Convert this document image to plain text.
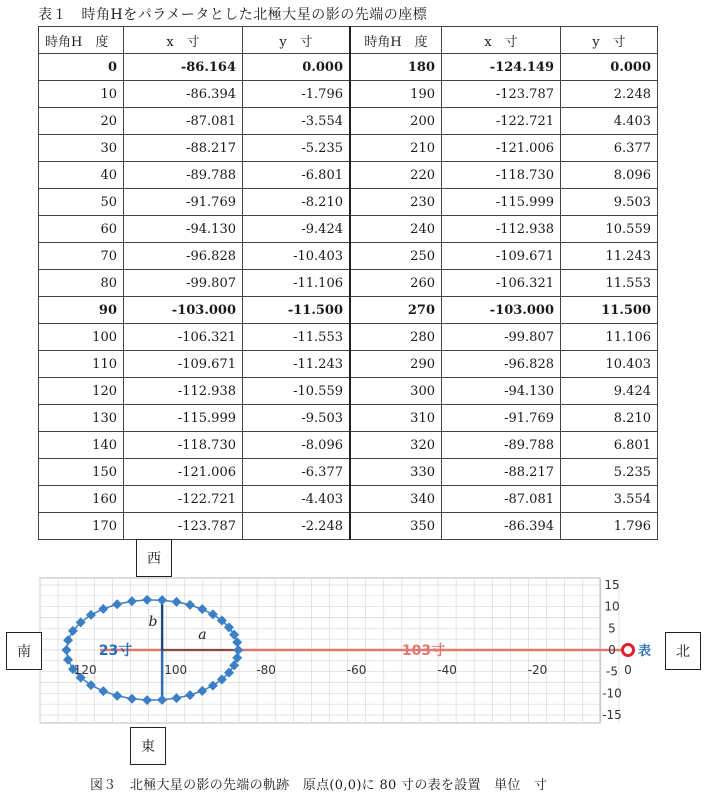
表１　時角Hをパラメータとした北極大星の影の先端の座標
時角H　度	x　寸	y　寸	時角H　度	x　寸	y　寸
0	-86.164	0.000	180	-124.149	0.000
10	-86.394	-1.796	190	-123.787	2.248
20	-87.081	-3.554	200	-122.721	4.403
30	-88.217	-5.235	210	-121.006	6.377
40	-89.788	-6.801	220	-118.730	8.096
50	-91.769	-8.210	230	-115.999	9.503
60	-94.130	-9.424	240	-112.938	10.559
70	-96.828	-10.403	250	-109.671	11.243
80	-99.807	-11.106	260	-106.321	11.553
90	-103.000	-11.500	270	-103.000	11.500
100	-106.321	-11.553	280	-99.807	11.106
110	-109.671	-11.243	290	-96.828	10.403
120	-112.938	-10.559	300	-94.130	9.424
130	-115.999	-9.503	310	-91.769	8.210
140	-118.730	-8.096	320	-89.788	6.801
150	-121.006	-6.377	330	-88.217	5.235
160	-122.721	-4.403	340	-87.081	3.554
170	-123.787	-2.248	350	-86.394	1.796
120	100	-80	-60	-40	-20	0
15
10
5
0
-5
-10
-15
23寸	103寸
b
a
表
西
東
南	北
図３　北極大星の影の先端の軌跡　原点(0,0)に 80 寸の表を設置　単位　寸
